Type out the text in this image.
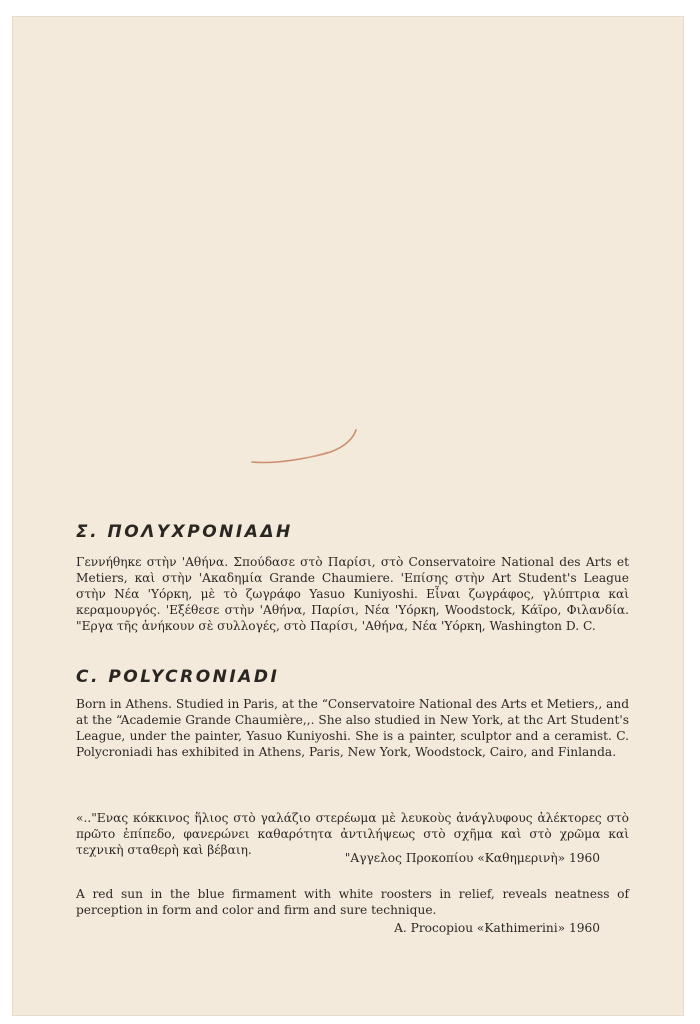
Σ. ΠΟΛΥΧΡΟΝΙΑΔΗ

Γεννήθηκε στὴν 'Αθήνα. Σπούδασε στὸ Παρίσι, στὸ Conservatoire National des Arts et Metiers, καὶ στὴν 'Ακαδημία Grande Chaumiere. 'Επίσης στὴν Art Student's League στὴν Νέα 'Υόρκη, μὲ τὸ ζωγράφο Yasuo Kuniyoshi. Εἶναι ζωγράφος, γλύπτρια καὶ κεραμουργός. 'Εξέθεσε στὴν 'Αθήνα, Παρίσι, Νέα 'Υόρκη, Woodstock, Κάϊρο, Φιλανδία. "Εργα τῆς ἀνήκουν σὲ συλλογές, στὸ Παρίσι, 'Αθήνα, Νέα 'Υόρκη, Washington D. C.

C. POLYCRONIADI

Born in Athens. Studied in Paris, at the “Conservatoire National des Arts et Metiers,, and at the “Academie Grande Chaumière,,. She also studied in New York, at thc Art Student's League, under the painter, Yasuo Kuniyoshi. She is a painter, sculptor and a ceramist. C. Polycroniadi has exhibited in Athens, Paris, New York, Woodstock, Cairo, and Finlanda.

«.."Ενας κόκκινος ἥλιος στὸ γαλάζιο στερέωμα μὲ λευκοὺς ἀνάγλυφους ἀλέκτορες στὸ πρῶτο ἐπίπεδο, φανερώνει καθαρότητα ἀντιλήψεως στὸ σχῆμα καὶ στὸ χρῶμα καὶ τεχνικὴ σταθερὴ καὶ βέβαιη.

"Αγγελος Προκοπίου «Καθημερινὴ» 1960

A red sun in the blue firmament with white roosters in relief, reveals neatness of perception in form and color and firm and sure technique.

A. Procopiou «Kathimerini» 1960
